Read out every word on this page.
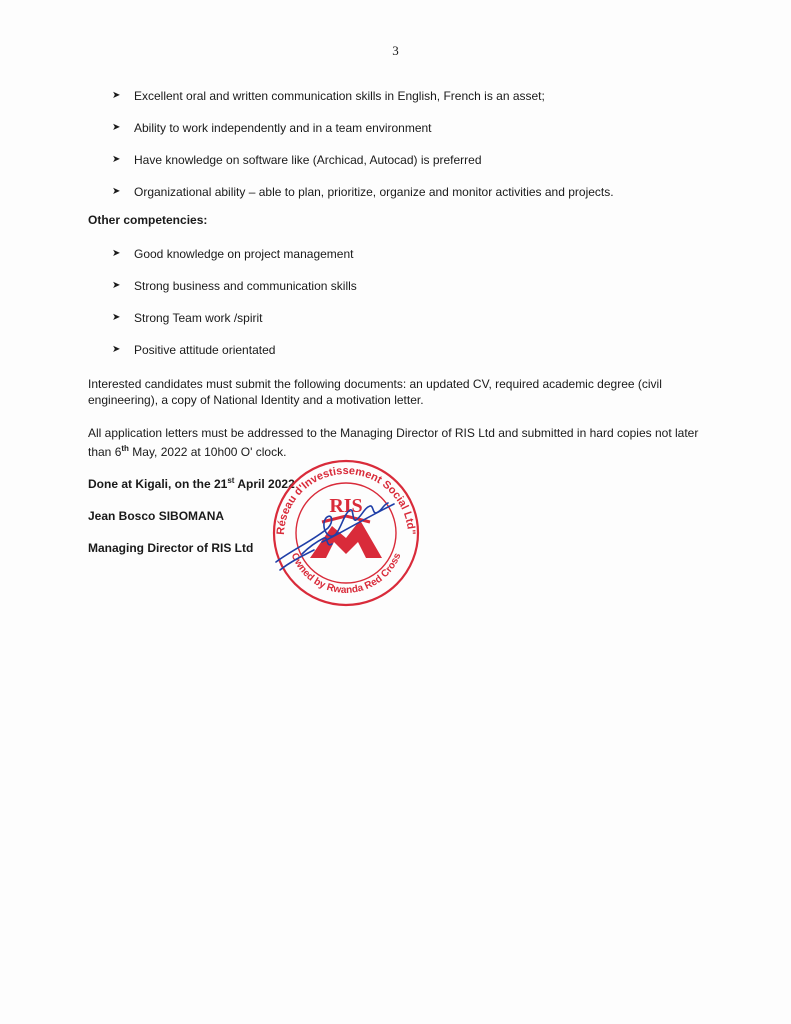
3
➤ Excellent oral and written communication skills in English, French is an asset;
➤ Ability to work independently and in a team environment
➤ Have knowledge on software like (Archicad, Autocad) is preferred
➤ Organizational ability – able to plan, prioritize, organize and monitor activities and projects.
Other competencies:
➤ Good knowledge on project management
➤ Strong business and communication skills
➤ Strong Team work /spirit
➤ Positive attitude orientated

Interested candidates must submit the following documents: an updated CV, required academic degree (civil engineering), a copy of National Identity and a motivation letter.

All application letters must be addressed to the Managing Director of RIS Ltd and submitted in hard copies not later than 6th May, 2022 at 10h00 O' clock.

Done at Kigali, on the 21st April 2022
Jean Bosco SIBOMANA
Managing Director of RIS Ltd
Réseau d'Investissement Social Ltd"
Owned by Rwanda Red Cross
RIS
